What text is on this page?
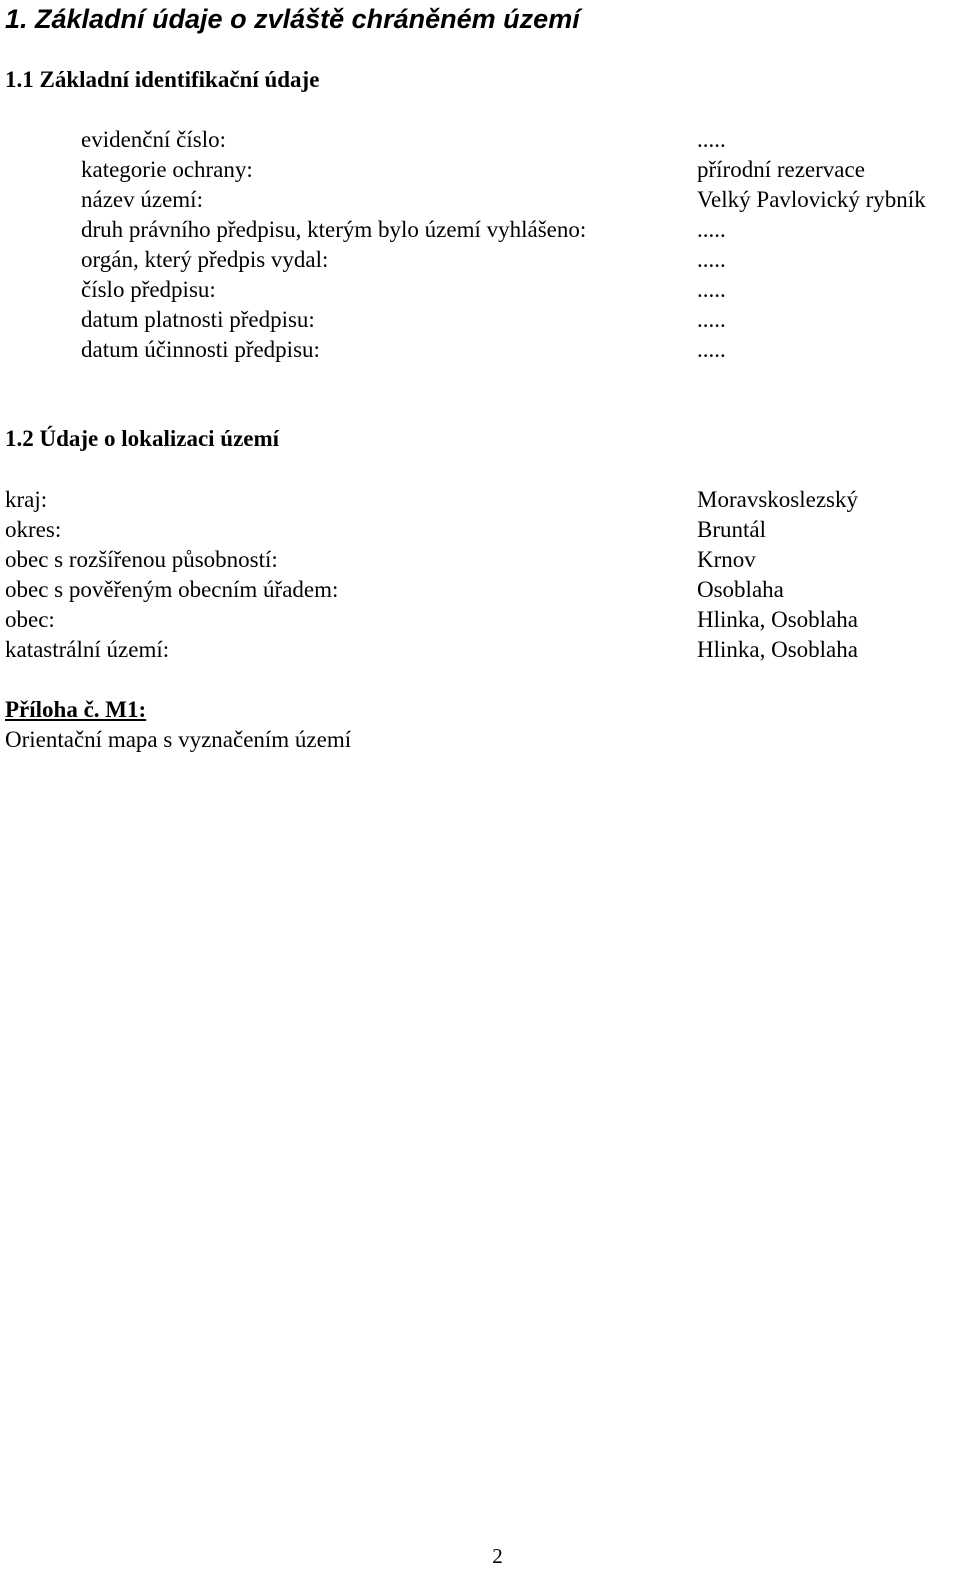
1. Základní údaje o zvláště chráněném území
1.1 Základní identifikační údaje
evidenční číslo:	.....
kategorie ochrany:	přírodní rezervace
název území:	Velký Pavlovický rybník
druh právního předpisu, kterým bylo území vyhlášeno:	.....
orgán, který předpis vydal:	.....
číslo předpisu:	.....
datum platnosti předpisu:	.....
datum účinnosti předpisu:	.....
1.2 Údaje o lokalizaci území
kraj:	Moravskoslezský
okres:	Bruntál
obec s rozšířenou působností:	Krnov
obec s pověřeným obecním úřadem:	Osoblaha
obec:	Hlinka, Osoblaha
katastrální území:	Hlinka, Osoblaha
Příloha č. M1:
Orientační mapa s vyznačením území
2
